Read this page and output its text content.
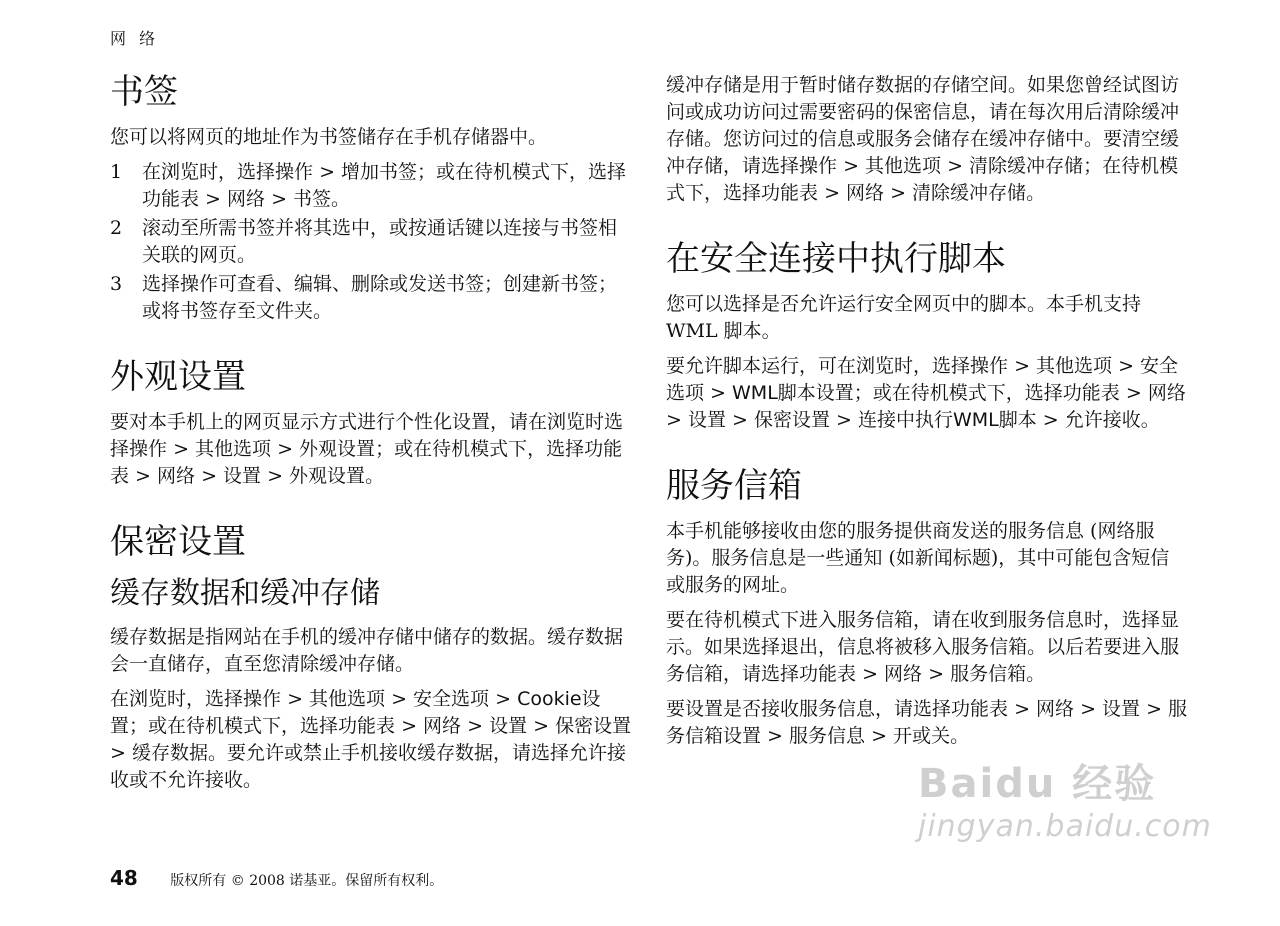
网 络
书签

您可以将网页的地址作为书签储存在手机存储器中。

1 在浏览时，选择操作 > 增加书签；或在待机模式下，选择功能表 > 网络 > 书签。
2 滚动至所需书签并将其选中，或按通话键以连接与书签相关联的网页。
3 选择操作可查看、编辑、删除或发送书签；创建新书签；或将书签存至文件夹。
外观设置

要对本手机上的网页显示方式进行个性化设置，请在浏览时选择操作 > 其他选项 > 外观设置；或在待机模式下，选择功能表 > 网络 > 设置 > 外观设置。

保密设置
缓存数据和缓冲存储

缓存数据是指网站在手机的缓冲存储中储存的数据。缓存数据会一直储存，直至您清除缓冲存储。

在浏览时，选择操作 > 其他选项 > 安全选项 > Cookie设置；或在待机模式下，选择功能表 > 网络 > 设置 > 保密设置 > 缓存数据。要允许或禁止手机接收缓存数据，请选择允许接收或不允许接收。

缓冲存储是用于暂时储存数据的存储空间。如果您曾经试图访问或成功访问过需要密码的保密信息，请在每次用后清除缓冲存储。您访问过的信息或服务会储存在缓冲存储中。要清空缓冲存储，请选择操作 > 其他选项 > 清除缓冲存储；在待机模式下，选择功能表 > 网络 > 清除缓冲存储。

在安全连接中执行脚本

您可以选择是否允许运行安全网页中的脚本。本手机支持 WML 脚本。

要允许脚本运行，可在浏览时，选择操作 > 其他选项 > 安全选项 > WML脚本设置；或在待机模式下，选择功能表 > 网络 > 设置 > 保密设置 > 连接中执行WML脚本 > 允许接收。

服务信箱

本手机能够接收由您的服务提供商发送的服务信息 (网络服务)。服务信息是一些通知 (如新闻标题)，其中可能包含短信或服务的网址。

要在待机模式下进入服务信箱，请在收到服务信息时，选择显示。如果选择退出，信息将被移入服务信箱。以后若要进入服务信箱，请选择功能表 > 网络 > 服务信箱。

要设置是否接收服务信息，请选择功能表 > 网络 > 设置 > 服务信箱设置 > 服务信息 > 开或关。

48 版权所有 © 2008 诺基亚。保留所有权利。
Baidu 经验
jingyan.baidu.com
